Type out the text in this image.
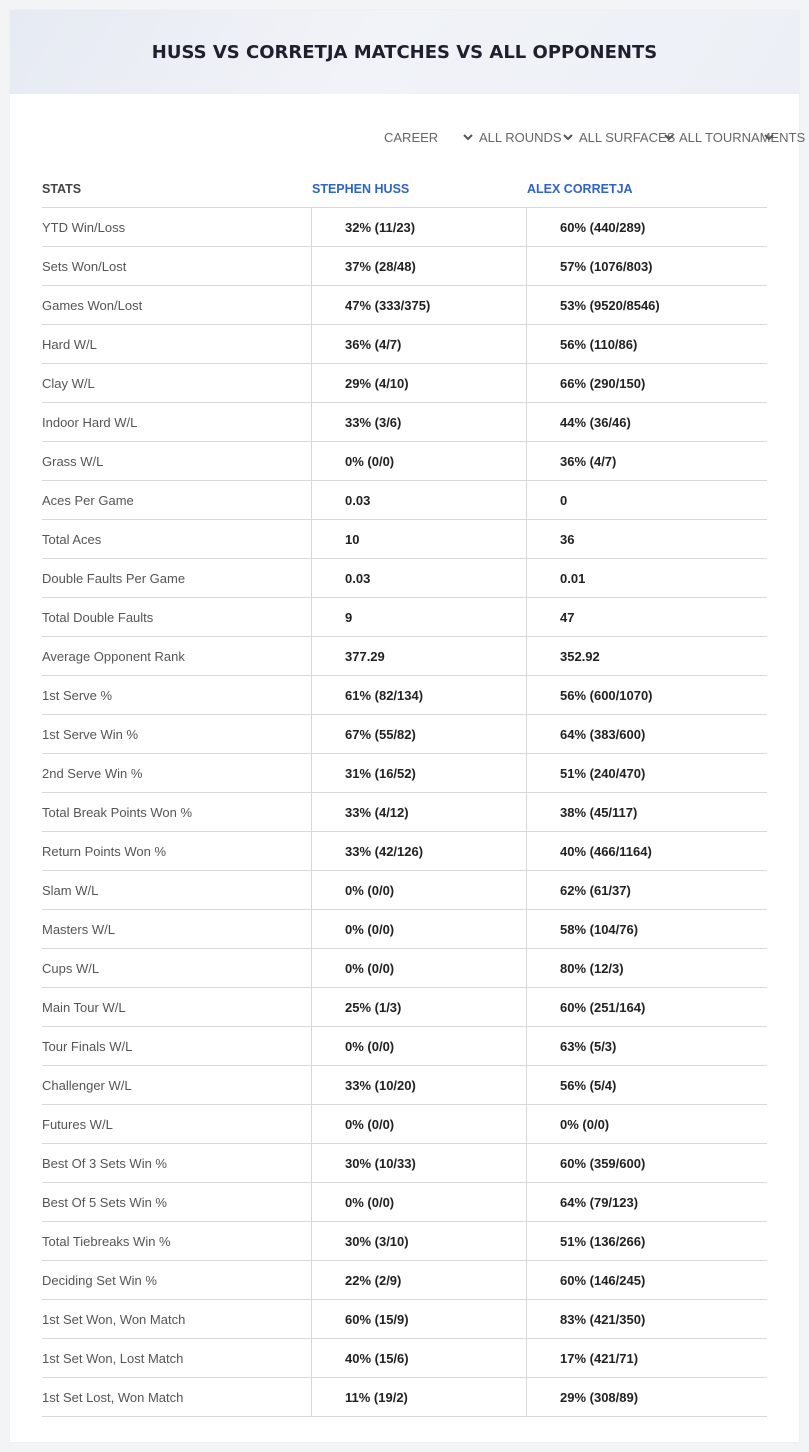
HUSS VS CORRETJA MATCHES VS ALL OPPONENTS
CAREER	ALL ROUNDS ALL SURFACES ALL TOURNAMENTS
STATS	STEPHEN HUSS	ALEX CORRETJA
YTD Win/Loss	32% (11/23)	60% (440/289)
Sets Won/Lost	37% (28/48)	57% (1076/803)
Games Won/Lost	47% (333/375)	53% (9520/8546)
Hard W/L	36% (4/7)	56% (110/86)
Clay W/L	29% (4/10)	66% (290/150)
Indoor Hard W/L	33% (3/6)	44% (36/46)
Grass W/L	0% (0/0)	36% (4/7)
Aces Per Game	0.03	0
Total Aces	10	36
Double Faults Per Game	0.03	0.01
Total Double Faults	9	47
Average Opponent Rank	377.29	352.92
1st Serve %	61% (82/134)	56% (600/1070)
1st Serve Win %	67% (55/82)	64% (383/600)
2nd Serve Win %	31% (16/52)	51% (240/470)
Total Break Points Won %	33% (4/12)	38% (45/117)
Return Points Won %	33% (42/126)	40% (466/1164)
Slam W/L	0% (0/0)	62% (61/37)
Masters W/L	0% (0/0)	58% (104/76)
Cups W/L	0% (0/0)	80% (12/3)
Main Tour W/L	25% (1/3)	60% (251/164)
Tour Finals W/L	0% (0/0)	63% (5/3)
Challenger W/L	33% (10/20)	56% (5/4)
Futures W/L	0% (0/0)	0% (0/0)
Best Of 3 Sets Win %	30% (10/33)	60% (359/600)
Best Of 5 Sets Win %	0% (0/0)	64% (79/123)
Total Tiebreaks Win %	30% (3/10)	51% (136/266)
Deciding Set Win %	22% (2/9)	60% (146/245)
1st Set Won, Won Match	60% (15/9)	83% (421/350)
1st Set Won, Lost Match	40% (15/6)	17% (421/71)
1st Set Lost, Won Match	11% (19/2)	29% (308/89)
